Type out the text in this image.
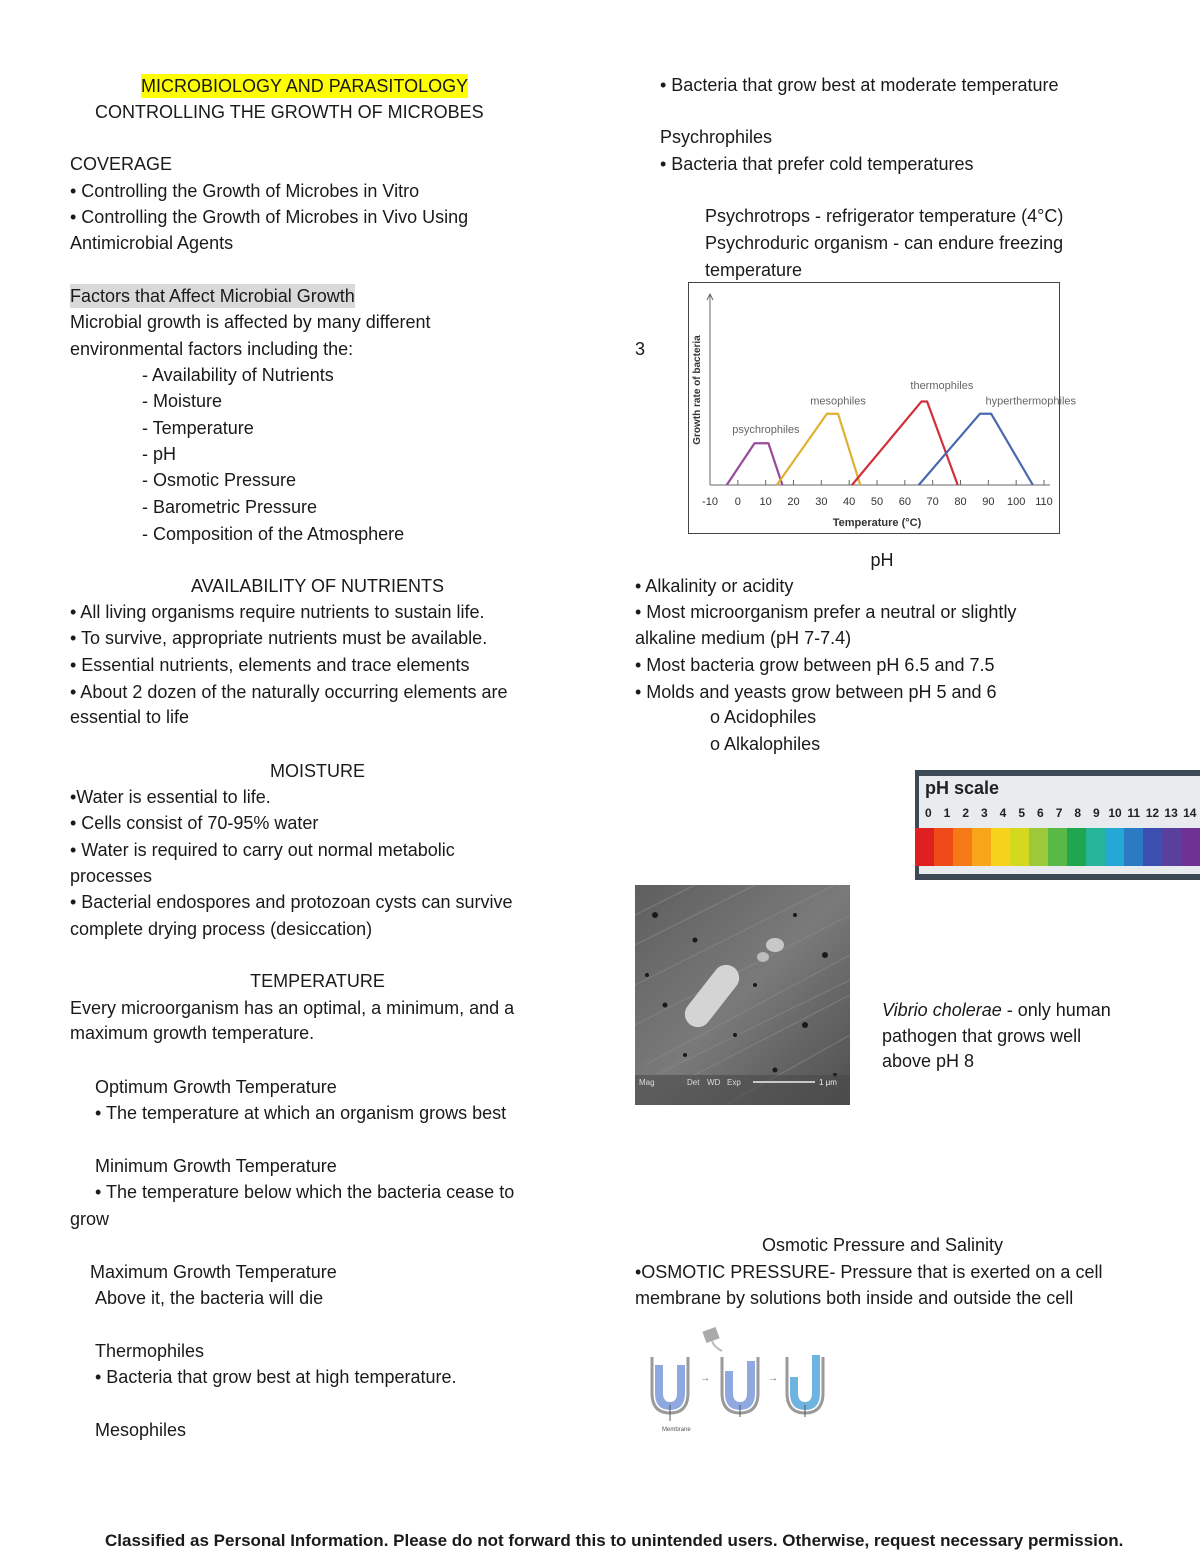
MICROBIOLOGY AND PARASITOLOGY
CONTROLLING THE GROWTH OF MICROBES
COVERAGE
• Controlling the Growth of Microbes in Vitro
• Controlling the Growth of Microbes in Vivo Using
Antimicrobial Agents
Factors that Affect Microbial Growth
Microbial growth is affected by many different
environmental factors including the:
- Availability of Nutrients
- Moisture
- Temperature
- pH
- Osmotic Pressure
- Barometric Pressure
- Composition of the Atmosphere
AVAILABILITY OF NUTRIENTS
• All living organisms require nutrients to sustain life.
• To survive, appropriate nutrients must be available.
• Essential nutrients, elements and trace elements
• About 2 dozen of the naturally occurring elements are
essential to life
MOISTURE
•Water is essential to life.
• Cells consist of 70-95% water
• Water is required to carry out normal metabolic
processes
• Bacterial endospores and protozoan cysts can survive
complete drying process (desiccation)
TEMPERATURE
Every microorganism has an optimal, a minimum, and a
maximum growth temperature.
Optimum Growth Temperature
• The temperature at which an organism grows best
Minimum Growth Temperature
• The temperature below which the bacteria cease to
grow
Maximum Growth Temperature
Above it, the bacteria will die
Thermophiles
• Bacteria that grow best at high temperature.
Mesophiles
• Bacteria that grow best at moderate temperature
Psychrophiles
• Bacteria that prefer cold temperatures
Psychrotrops - refrigerator temperature (4°C)
Psychroduric organism - can endure freezing
temperature
3
-10 0 10 20 30 40 50 60 70 80 90 100 110
Temperature (°C)
Growth rate of bacteria	psychrophiles
mesophiles
thermophiles
hyperthermophiles
pH
• Alkalinity or acidity
• Most microorganism prefer a neutral or slightly
alkaline medium (pH 7-7.4)
• Most bacteria grow between pH 6.5 and 7.5
• Molds and yeasts grow between pH 5 and 6
o Acidophiles
o Alkalophiles
pH scale
0 1 2 3 4 5 6 7 8 9 10 11 12 13 14
Mag	Det WD Exp	1 μm
Vibrio cholerae - only human
pathogen that grows well
above pH 8
Osmotic Pressure and Salinity
•OSMOTIC PRESSURE- Pressure that is exerted on a cell
membrane by solutions both inside and outside the cell
→	→
Membrane
Classified as Personal Information. Please do not forward this to unintended users. Otherwise, request necessary permission.
